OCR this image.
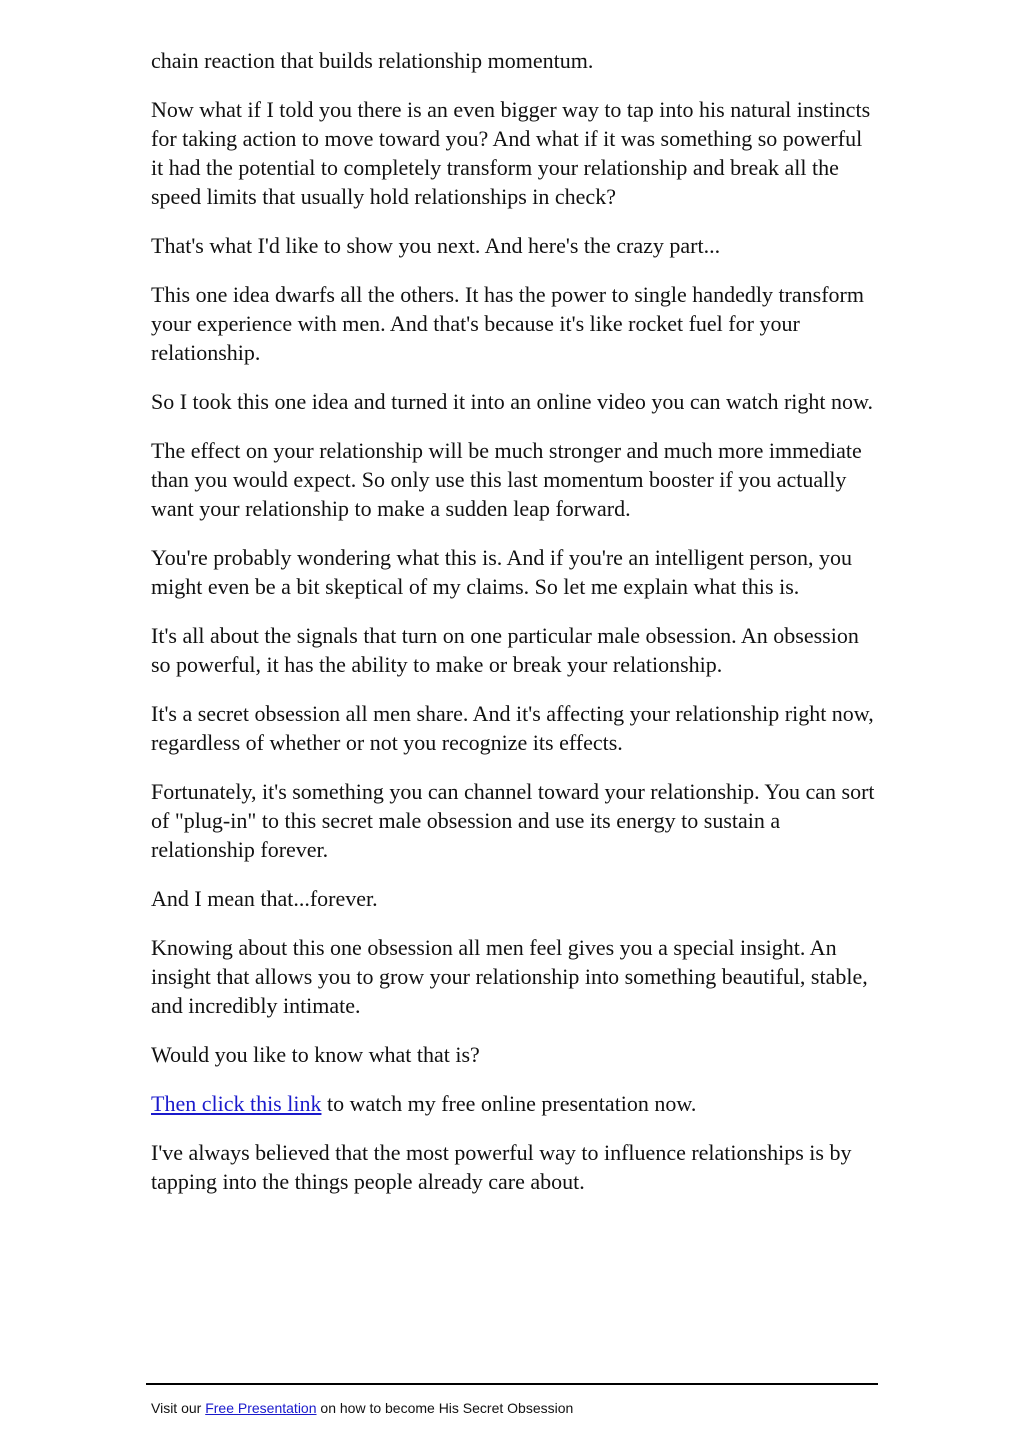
chain reaction that builds relationship momentum.

Now what if I told you there is an even bigger way to tap into his natural instincts for taking action to move toward you? And what if it was something so powerful it had the potential to completely transform your relationship and break all the speed limits that usually hold relationships in check?

That's what I'd like to show you next. And here's the crazy part...

This one idea dwarfs all the others. It has the power to single handedly transform your experience with men. And that's because it's like rocket fuel for your relationship.

So I took this one idea and turned it into an online video you can watch right now.

The effect on your relationship will be much stronger and much more immediate than you would expect. So only use this last momentum booster if you actually want your relationship to make a sudden leap forward.

You're probably wondering what this is. And if you're an intelligent person, you might even be a bit skeptical of my claims. So let me explain what this is.

It's all about the signals that turn on one particular male obsession. An obsession so powerful, it has the ability to make or break your relationship.

It's a secret obsession all men share. And it's affecting your relationship right now, regardless of whether or not you recognize its effects.

Fortunately, it's something you can channel toward your relationship. You can sort of "plug-in" to this secret male obsession and use its energy to sustain a relationship forever.

And I mean that...forever.

Knowing about this one obsession all men feel gives you a special insight. An insight that allows you to grow your relationship into something beautiful, stable, and incredibly intimate.

Would you like to know what that is?

Then click this link to watch my free online presentation now.

I've always believed that the most powerful way to influence relationships is by tapping into the things people already care about.

Visit our Free Presentation on how to become His Secret Obsession
